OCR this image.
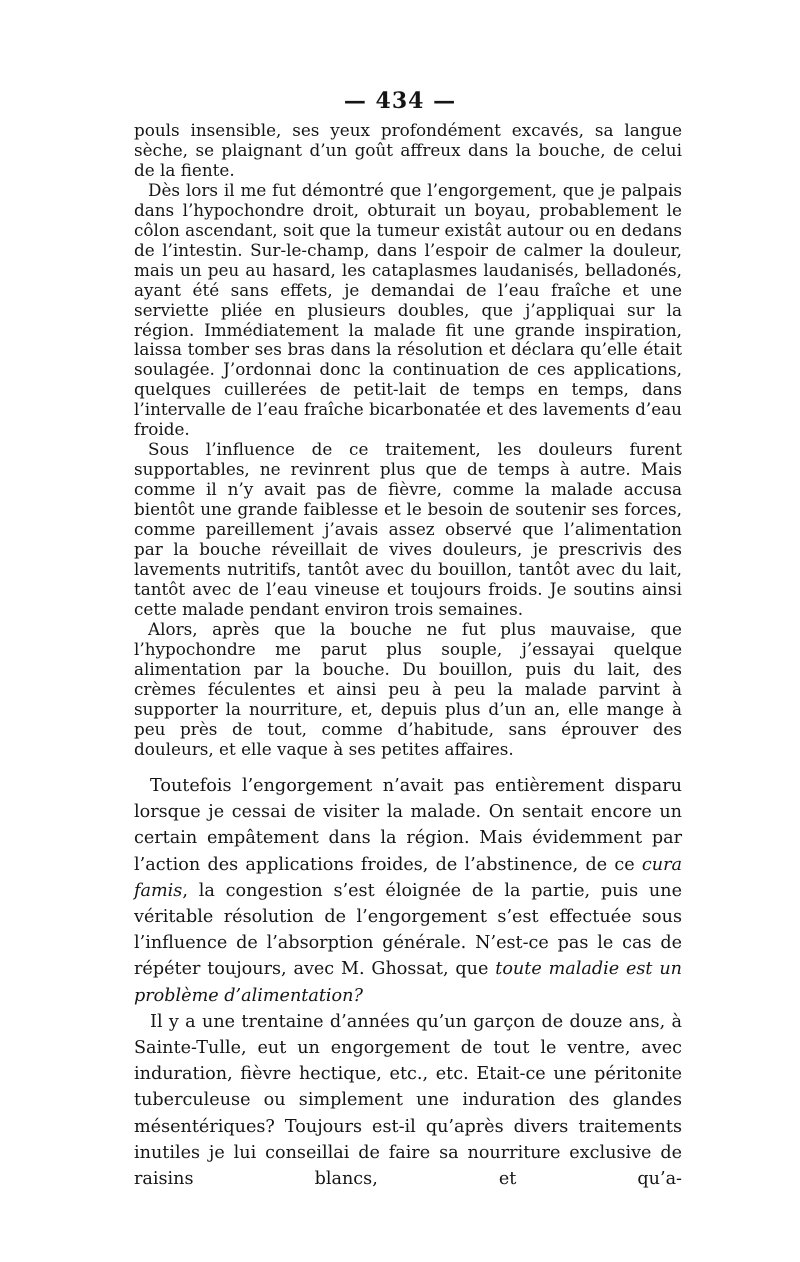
— 434 —

pouls insensible, ses yeux profondément excavés, sa langue sèche, se plaignant d’un goût affreux dans la bouche, de celui de la fiente.

Dès lors il me fut démontré que l’engorgement, que je palpais dans l’hypochondre droit, obturait un boyau, probablement le côlon ascendant, soit que la tumeur existât autour ou en dedans de l’intestin. Sur-le-champ, dans l’espoir de calmer la douleur, mais un peu au hasard, les cataplasmes laudanisés, belladonés, ayant été sans effets, je demandai de l’eau fraîche et une serviette pliée en plusieurs doubles, que j’appliquai sur la région. Immédiatement la malade fit une grande inspiration, laissa tomber ses bras dans la résolution et déclara qu’elle était soulagée. J’ordonnai donc la continuation de ces applications, quelques cuillerées de petit-lait de temps en temps, dans l’intervalle de l’eau fraîche bicarbonatée et des lavements d’eau froide.

Sous l’influence de ce traitement, les douleurs furent supportables, ne revinrent plus que de temps à autre. Mais comme il n’y avait pas de fièvre, comme la malade accusa bientôt une grande faiblesse et le besoin de soutenir ses forces, comme pareillement j’avais assez observé que l’alimentation par la bouche réveillait de vives douleurs, je prescrivis des lavements nutritifs, tantôt avec du bouillon, tantôt avec du lait, tantôt avec de l’eau vineuse et toujours froids. Je soutins ainsi cette malade pendant environ trois semaines.

Alors, après que la bouche ne fut plus mauvaise, que l’hypochondre me parut plus souple, j’essayai quelque alimentation par la bouche. Du bouillon, puis du lait, des crèmes féculentes et ainsi peu à peu la malade parvint à supporter la nourriture, et, depuis plus d’un an, elle mange à peu près de tout, comme d’habitude, sans éprouver des douleurs, et elle vaque à ses petites affaires.

Toutefois l’engorgement n’avait pas entièrement disparu lorsque je cessai de visiter la malade. On sentait encore un certain empâtement dans la région. Mais évidemment par l’action des applications froides, de l’abstinence, de ce cura famis, la congestion s’est éloignée de la partie, puis une véritable résolution de l’engorgement s’est effectuée sous l’influence de l’absorption générale. N’est-ce pas le cas de répéter toujours, avec M. Ghossat, que toute maladie est un problème d’alimentation?

Il y a une trentaine d’années qu’un garçon de douze ans, à Sainte-Tulle, eut un engorgement de tout le ventre, avec induration, fièvre hectique, etc., etc. Etait-ce une péritonite tuberculeuse ou simplement une induration des glandes mésentériques? Toujours est-il qu’après divers traitements inutiles je lui conseillai de faire sa nourriture exclusive de raisins blancs, et qu’a-
